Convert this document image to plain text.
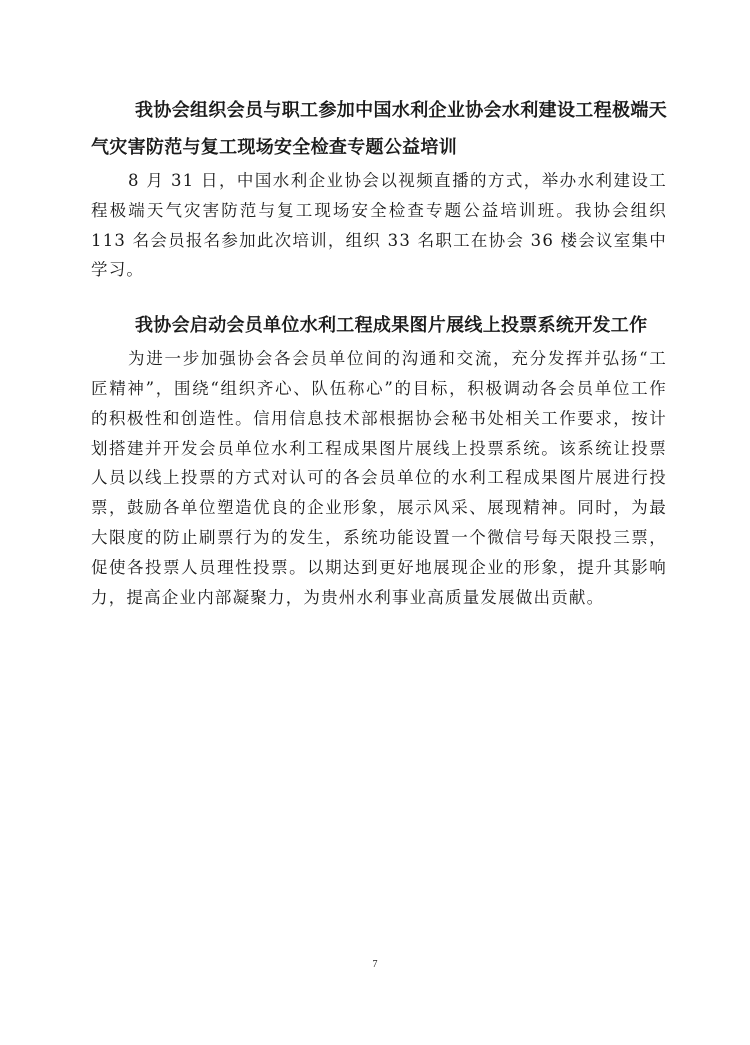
我协会组织会员与职工参加中国水利企业协会水利建设工程极端天气灾害防范与复工现场安全检查专题公益培训

8 月 31 日，中国水利企业协会以视频直播的方式，举办水利建设工程极端天气灾害防范与复工现场安全检查专题公益培训班。我协会组织 113 名会员报名参加此次培训，组织 33 名职工在协会 36 楼会议室集中学习。

我协会启动会员单位水利工程成果图片展线上投票系统开发工作

为进一步加强协会各会员单位间的沟通和交流，充分发挥并弘扬“工匠精神”，围绕“组织齐心、队伍称心”的目标，积极调动各会员单位工作的积极性和创造性。信用信息技术部根据协会秘书处相关工作要求，按计划搭建并开发会员单位水利工程成果图片展线上投票系统。该系统让投票人员以线上投票的方式对认可的各会员单位的水利工程成果图片展进行投票，鼓励各单位塑造优良的企业形象，展示风采、展现精神。同时，为最大限度的防止刷票行为的发生，系统功能设置一个微信号每天限投三票，促使各投票人员理性投票。以期达到更好地展现企业的形象，提升其影响力，提高企业内部凝聚力，为贵州水利事业高质量发展做出贡献。

7
